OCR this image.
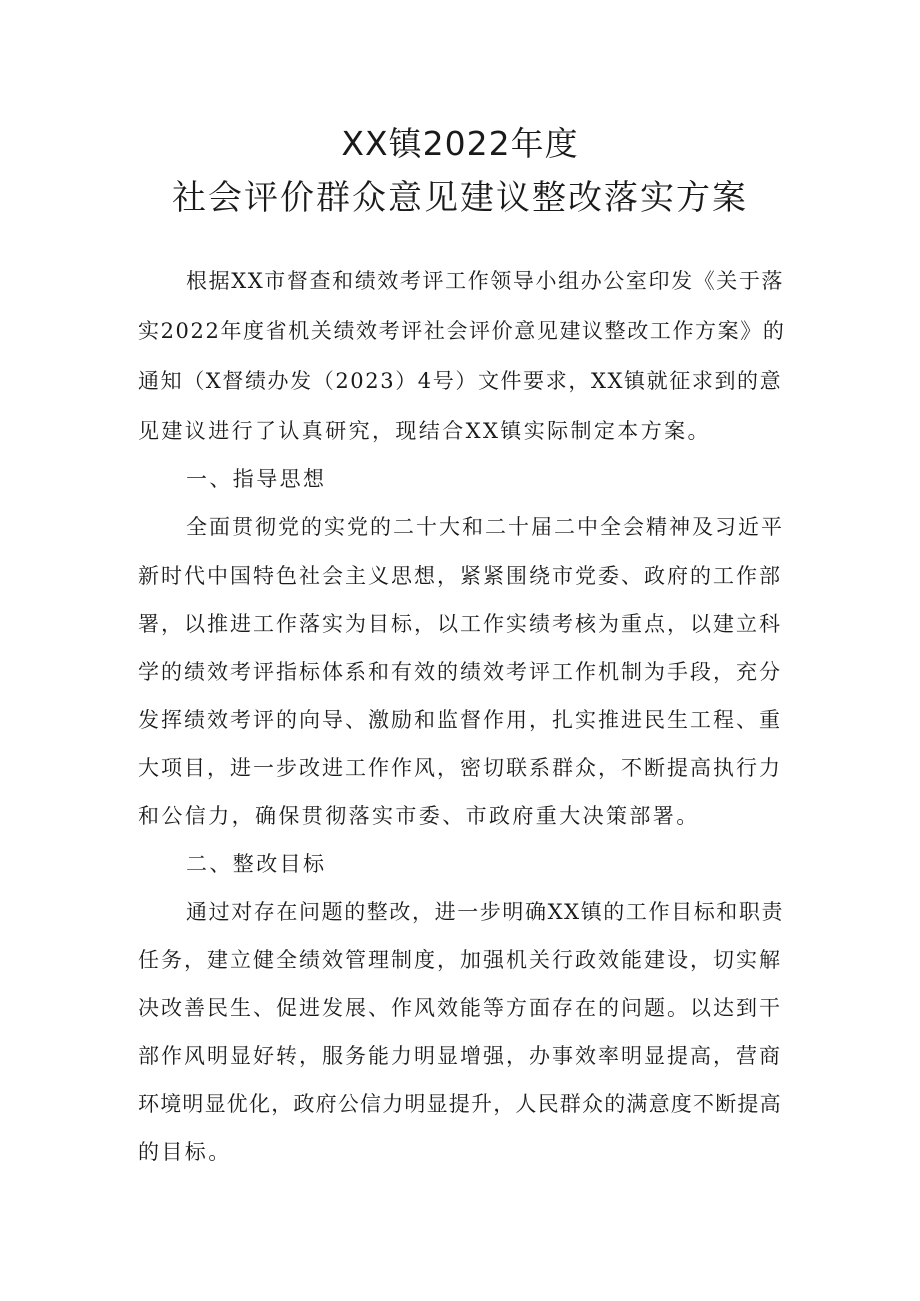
XX镇2022年度
社会评价群众意见建议整改落实方案
根据XX市督查和绩效考评工作领导小组办公室印发《关于落
实2022年度省机关绩效考评社会评价意见建议整改工作方案》的
通知（X督绩办发（2023）4号）文件要求，XX镇就征求到的意
见建议进行了认真研究，现结合XX镇实际制定本方案。
一、指导思想
全面贯彻党的实党的二十大和二十届二中全会精神及习近平
新时代中国特色社会主义思想，紧紧围绕市党委、政府的工作部
署，以推进工作落实为目标，以工作实绩考核为重点，以建立科
学的绩效考评指标体系和有效的绩效考评工作机制为手段，充分
发挥绩效考评的向导、激励和监督作用，扎实推进民生工程、重
大项目，进一步改进工作作风，密切联系群众，不断提高执行力
和公信力，确保贯彻落实市委、市政府重大决策部署。
二、整改目标
通过对存在问题的整改，进一步明确XX镇的工作目标和职责
任务，建立健全绩效管理制度，加强机关行政效能建设，切实解
决改善民生、促进发展、作风效能等方面存在的问题。以达到干
部作风明显好转，服务能力明显增强，办事效率明显提高，营商
环境明显优化，政府公信力明显提升，人民群众的满意度不断提高
的目标。
